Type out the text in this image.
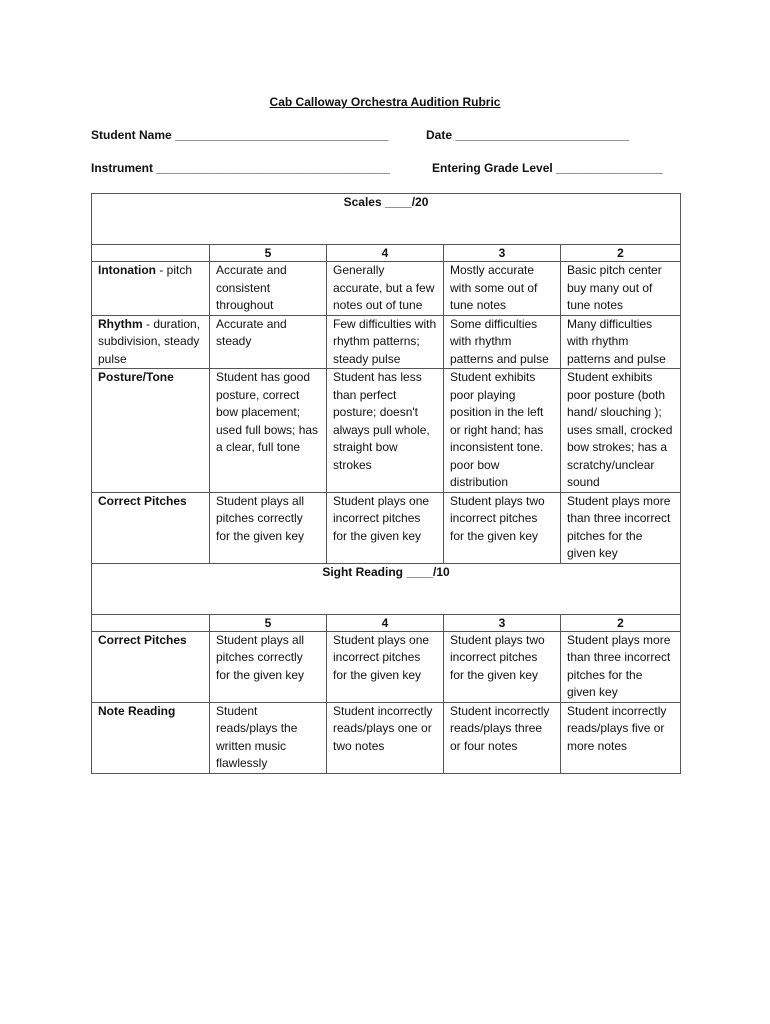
Cab Calloway Orchestra Audition Rubric
Student Name ________________________________	Date __________________________
Instrument ___________________________________	Entering Grade Level ________________
Scales ____/20				
	5	4	3	2
Intonation - pitch	Accurate and consistent throughout	Generally accurate, but a few notes out of tune	Mostly accurate with some out of tune notes	Basic pitch center buy many out of tune notes
Rhythm - duration, subdivision, steady pulse	Accurate and steady	Few difficulties with rhythm patterns; steady pulse	Some difficulties with rhythm patterns and pulse	Many difficulties with rhythm patterns and pulse
Posture/Tone	Student has good posture, correct bow placement; used full bows; has a clear, full tone	Student has less than perfect posture; doesn't always pull whole, straight bow strokes	Student exhibits poor playing position in the left or right hand; has inconsistent tone. poor bow distribution	Student exhibits poor posture (both hand/ slouching ); uses small, crocked bow strokes; has a scratchy/unclear sound
Correct Pitches	Student plays all pitches correctly for the given key	Student plays one incorrect pitches for the given key	Student plays two incorrect pitches for the given key	Student plays more than three incorrect pitches for the given key
Sight Reading ____/10				
	5	4	3	2
Correct Pitches	Student plays all pitches correctly for the given key	Student plays one incorrect pitches for the given key	Student plays two incorrect pitches for the given key	Student plays more than three incorrect pitches for the given key
Note Reading	Student reads/plays the written music flawlessly	Student incorrectly reads/plays one or two notes	Student incorrectly reads/plays three or four notes	Student incorrectly reads/plays five or more notes
